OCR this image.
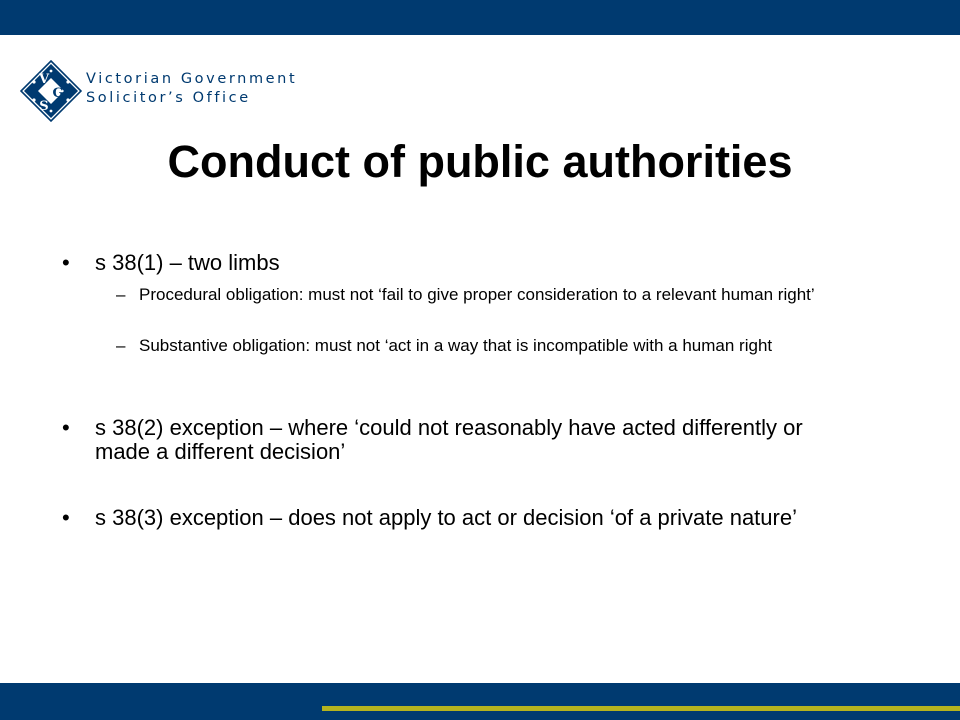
V
G
S
Victorian Government
Solicitor’s Office
Conduct of public authorities
• s 38(1) – two limbs
– Procedural obligation: must not ‘fail to give proper consideration to a relevant human right’
– Substantive obligation: must not ‘act in a way that is incompatible with a human right
• s 38(2) exception – where ‘could not reasonably have acted differently or made a different decision’
• s 38(3) exception – does not apply to act or decision ‘of a private nature’
